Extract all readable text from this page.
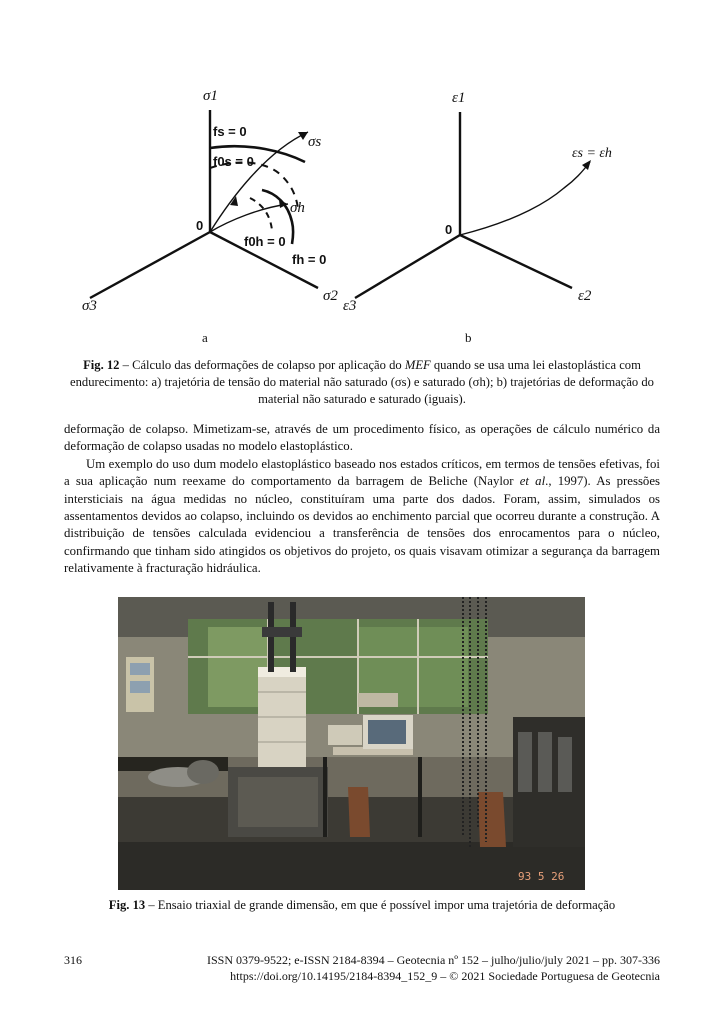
σ1
σ2
σ3
0
fs = 0
f0s = 0
σs
σh
f0h = 0
fh = 0
a
ε1
ε2
ε3
0
εs = εh
b
Fig. 12 – Cálculo das deformações de colapso por aplicação do MEF quando se usa uma lei elastoplástica com endurecimento: a) trajetória de tensão do material não saturado (σs) e saturado (σh); b) trajetórias de deformação do material não saturado e saturado (iguais).

deformação de colapso. Mimetizam-se, através de um procedimento físico, as operações de cálculo numérico da deformação de colapso usadas no modelo elastoplástico.

Um exemplo do uso dum modelo elastoplástico baseado nos estados críticos, em termos de tensões efetivas, foi a sua aplicação num reexame do comportamento da barragem de Beliche (Naylor et al., 1997). As pressões intersticiais na água medidas no núcleo, constituíram uma parte dos dados. Foram, assim, simulados os assentamentos devidos ao colapso, incluindo os devidos ao enchimento parcial que ocorreu durante a construção. A distribuição de tensões calculada evidenciou a transferência de tensões dos enrocamentos para o núcleo, confirmando que tinham sido atingidos os objetivos do projeto, os quais visavam otimizar a segurança da barragem relativamente à fracturação hidráulica.

93 5 26
Fig. 13 – Ensaio triaxial de grande dimensão, em que é possível impor uma trajetória de deformação
316	ISSN 0379-9522; e-ISSN 2184-8394 – Geotecnia nº 152 – julho/julio/july 2021 – pp. 307-336
https://doi.org/10.14195/2184-8394_152_9 – © 2021 Sociedade Portuguesa de Geotecnia
